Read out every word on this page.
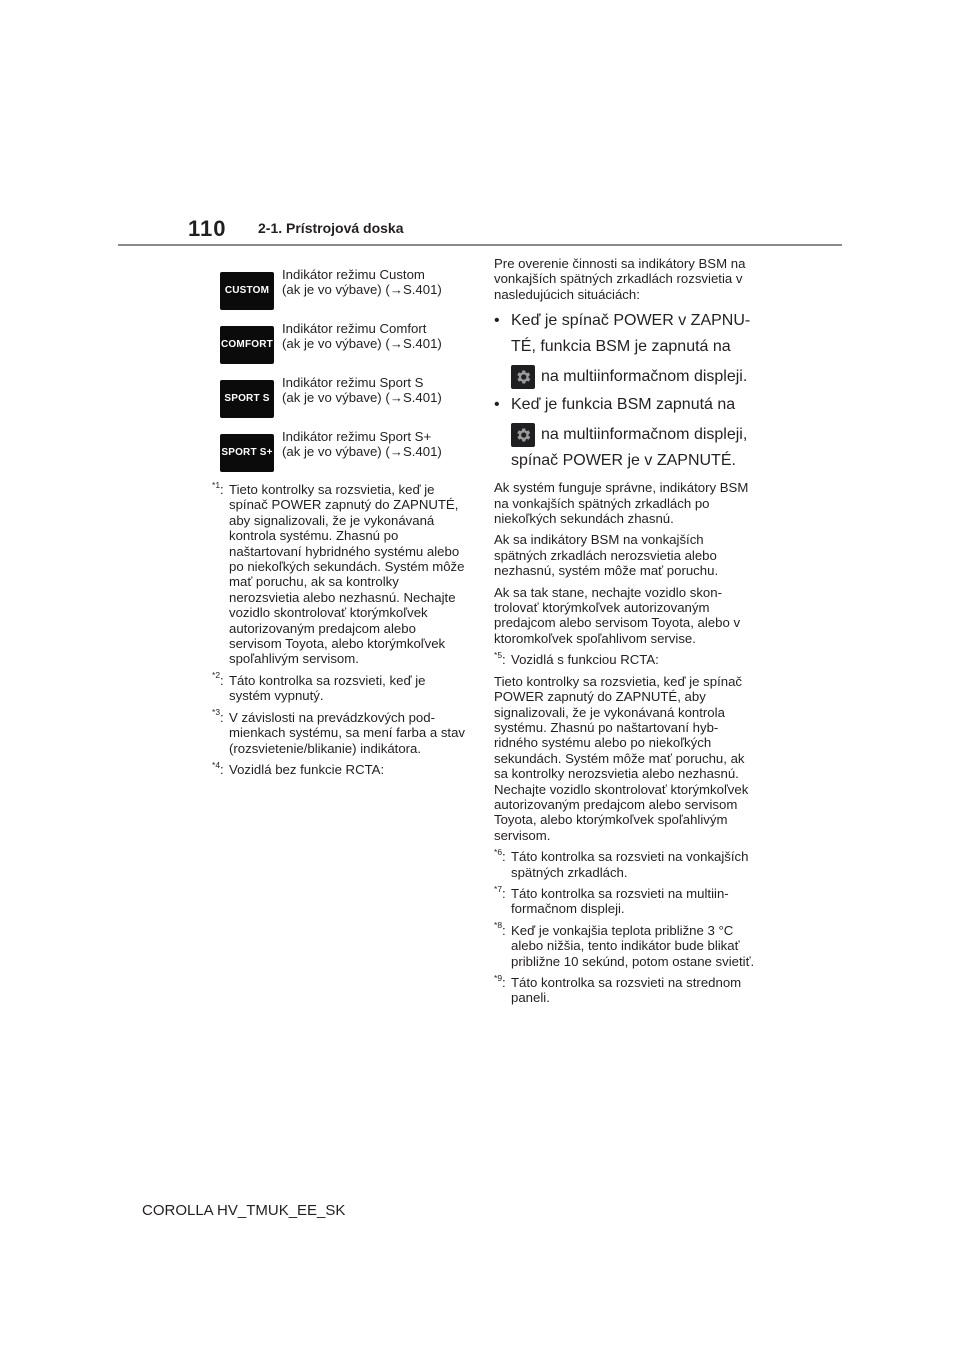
110 2-1. Prístrojová doska
CUSTOM
Indikátor režimu Custom
(ak je vo výbave) (→S.401)
COMFORT
Indikátor režimu Comfort
(ak je vo výbave) (→S.401)
SPORT S
Indikátor režimu Sport S
(ak je vo výbave) (→S.401)
SPORT S+
Indikátor režimu Sport S+
(ak je vo výbave) (→S.401)
$^{*1}$: Tieto kontrolky sa rozsvietia, keď je spínač POWER zapnutý do ZAPNUTÉ, aby signalizovali, že je vykonávaná kontrola systému. Zhasnú po naštartovaní hybridného systému alebo po niekoľkých sekundách. Systém môže mať poruchu, ak sa kontrolky nerozsvietia alebo nezhasnú. Nechajte vozidlo skontrolovať ktorýmkoľvek autorizovaným predajcom alebo servisom Toyota, alebo ktorýmkoľvek spoľahlivým servisom.
$^{*2}$: Táto kontrolka sa rozsvieti, keď je systém vypnutý.
$^{*3}$: V závislosti na prevádzkových podmienkach systému, sa mení farba a stav (rozsvietenie/blikanie) indikátora.
$^{*4}$: Vozidlá bez funkcie RCTA:

Pre overenie činnosti sa indikátory BSM na vonkajších spätných zrkadlách rozsvietia v nasledujúcich situáciách:

• Keď je spínač POWER v ZAPNUTÉ, funkcia BSM je zapnutá na
na multiinformačnom displeji.
• Keď je funkcia BSM zapnutá na
na multiinformačnom displeji,
spínač POWER je v ZAPNUTÉ.

Ak systém funguje správne, indikátory BSM na vonkajších spätných zrkadlách po niekoľkých sekundách zhasnú.

Ak sa indikátory BSM na vonkajších spätných zrkadlách nerozsvietia alebo nezhasnú, systém môže mať poruchu.

Ak sa tak stane, nechajte vozidlo skontrolovať ktorýmkoľvek autorizovaným predajcom alebo servisom Toyota, alebo v ktoromkoľvek spoľahlivom servise.

$^{*5}$: Vozidlá s funkciou RCTA:

Tieto kontrolky sa rozsvietia, keď je spínač POWER zapnutý do ZAPNUTÉ, aby signalizovali, že je vykonávaná kontrola systému. Zhasnú po naštartovaní hybridného systému alebo po niekoľkých sekundách. Systém môže mať poruchu, ak sa kontrolky nerozsvietia alebo nezhasnú. Nechajte vozidlo skontrolovať ktorýmkoľvek autorizovaným predajcom alebo servisom Toyota, alebo ktorýmkoľvek spoľahlivým servisom.

$^{*6}$: Táto kontrolka sa rozsvieti na vonkajších spätných zrkadlách.
$^{*7}$: Táto kontrolka sa rozsvieti na multiinformačnom displeji.
$^{*8}$: Keď je vonkajšia teplota približne 3 °C alebo nižšia, tento indikátor bude blikať približne 10 sekúnd, potom ostane svietiť.
$^{*9}$: Táto kontrolka sa rozsvieti na strednom paneli.
COROLLA HV_TMUK_EE_SK
